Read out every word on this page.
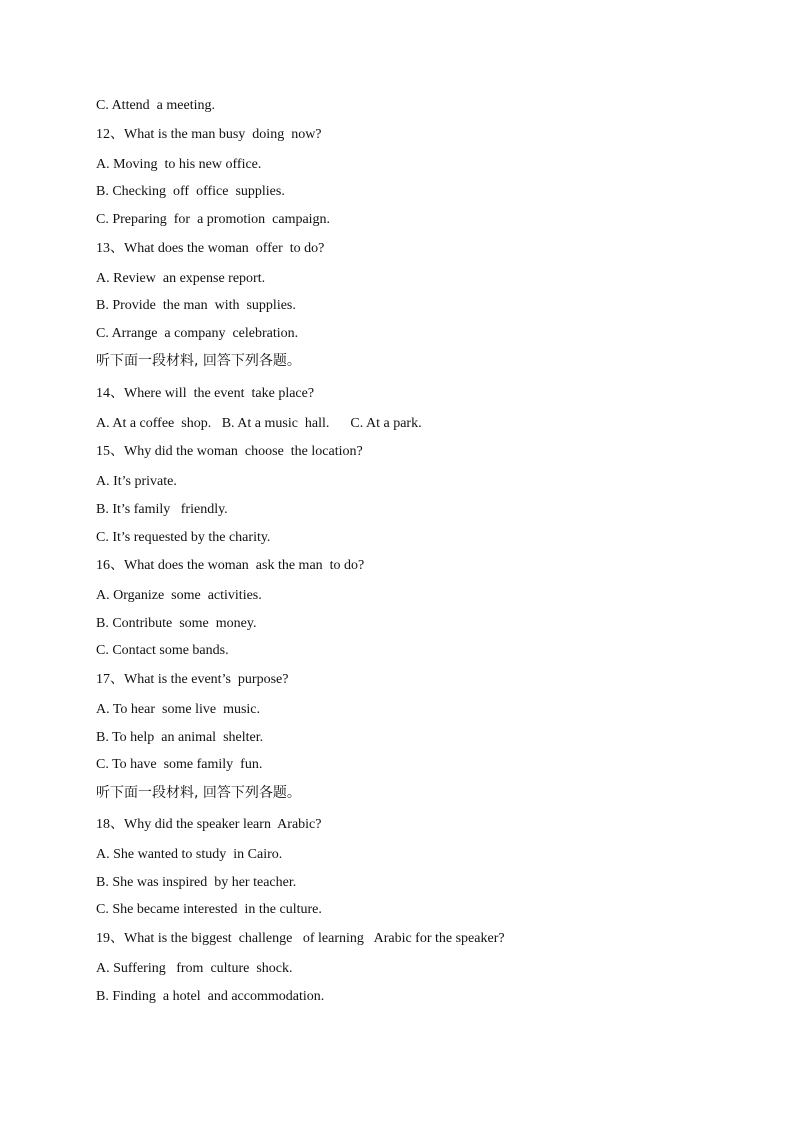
C. Attend  a meeting.
12、What is the man busy  doing  now?
A. Moving  to his new office.
B. Checking  off  office  supplies.
C. Preparing  for  a promotion  campaign.
13、What does the woman  offer  to do?
A. Review  an expense report.
B. Provide  the man  with  supplies.
C. Arrange  a company  celebration.
听下面一段材料, 回答下列各题。
14、Where will  the event  take place?
A. At a coffee  shop.   B. At a music  hall.      C. At a park.
15、Why did the woman  choose  the location?
A. It’s private.
B. It’s family   friendly.
C. It’s requested by the charity.
16、What does the woman  ask the man  to do?
A. Organize  some  activities.
B. Contribute  some  money.
C. Contact some bands.
17、What is the event’s  purpose?
A. To hear  some live  music.
B. To help  an animal  shelter.
C. To have  some family  fun.
听下面一段材料, 回答下列各题。
18、Why did the speaker learn  Arabic?
A. She wanted to study  in Cairo.
B. She was inspired  by her teacher.
C. She became interested  in the culture.
19、What is the biggest  challenge   of learning   Arabic for the speaker?
A. Suffering   from  culture  shock.
B. Finding  a hotel  and accommodation.
